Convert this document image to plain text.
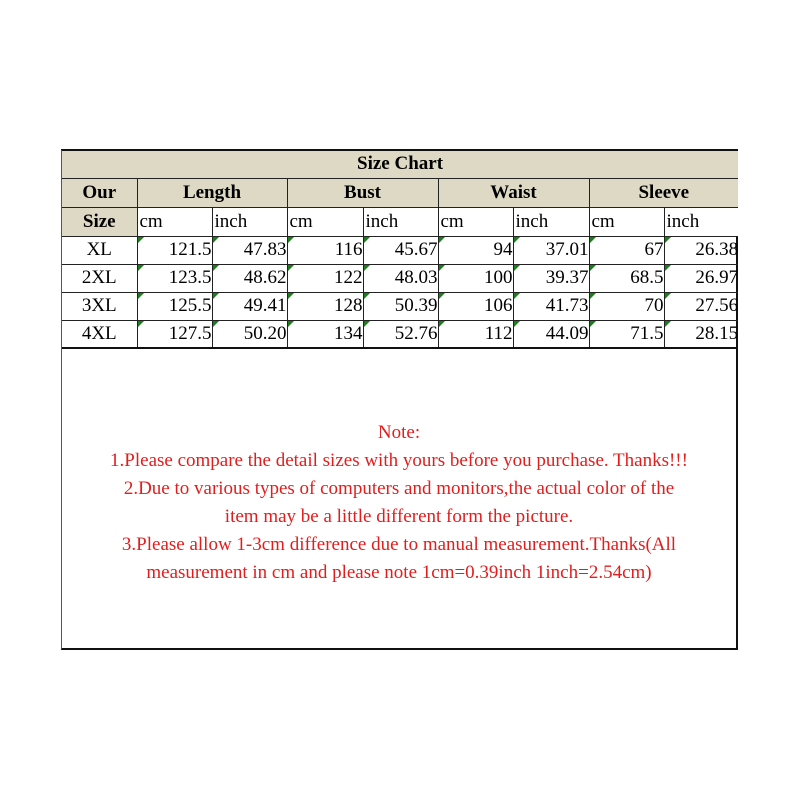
Size Chart								
Our	Length		Bust		Waist		Sleeve	
Size	cm	inch	cm	inch	cm	inch	cm	inch
XL	121.5	47.83	116	45.67	94	37.01	67	26.38
2XL	123.5	48.62	122	48.03	100	39.37	68.5	26.97
3XL	125.5	49.41	128	50.39	106	41.73	70	27.56
4XL	127.5	50.20	134	52.76	112	44.09	71.5	28.15
Note:
1.Please compare the detail sizes with yours before you purchase. Thanks!!!
2.Due to various types of computers and monitors,the actual color of the
item may be a little different form the picture.
3.Please allow 1-3cm difference due to manual measurement.Thanks(All
measurement in cm and please note 1cm=0.39inch 1inch=2.54cm)
